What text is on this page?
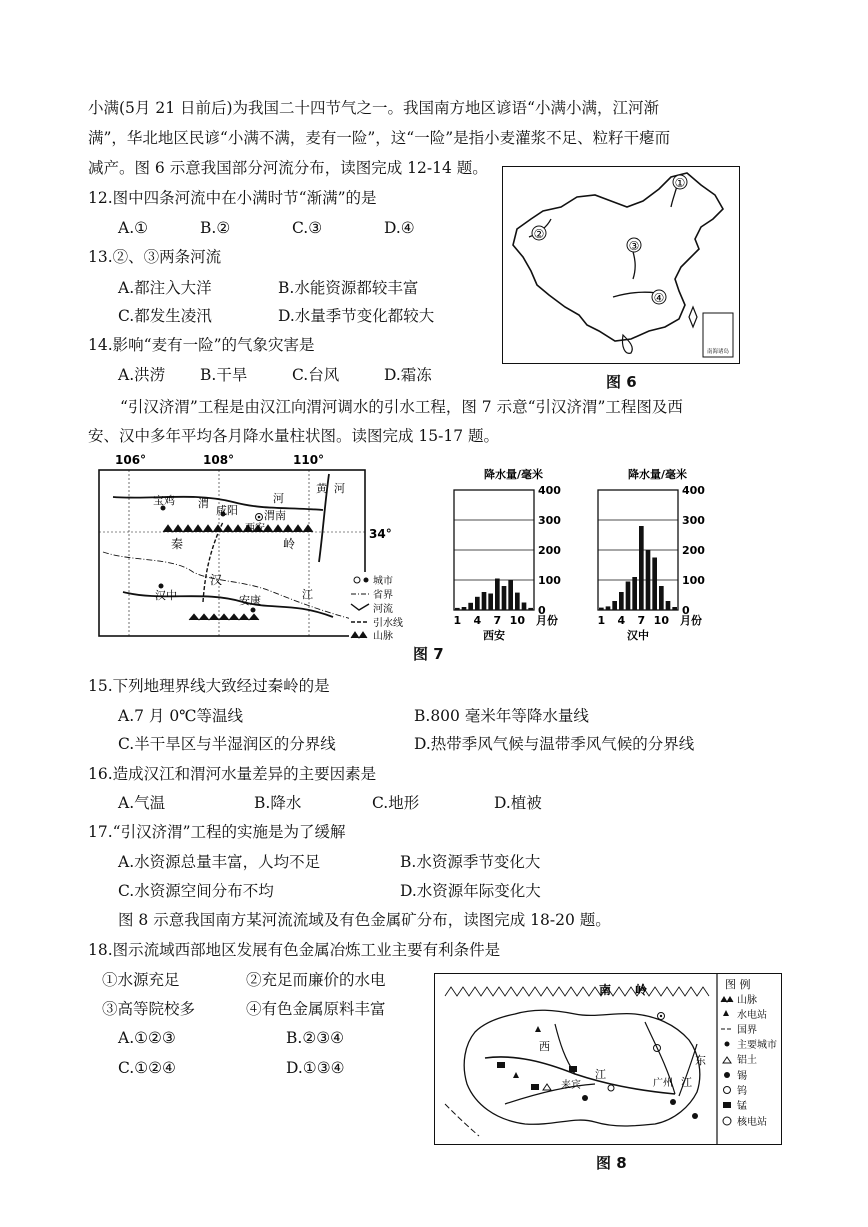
小满(5月 21 日前后)为我国二十四节气之一。我国南方地区谚语“小满小满，江河渐
满”，华北地区民谚“小满不满，麦有一险”，这“一险”是指小麦灌浆不足、粒籽干瘪而
减产。图 6 示意我国部分河流分布，读图完成 12-14 题。
12.图中四条河流中在小满时节“渐满”的是
A.①	B.②	C.③	D.④
13.②、③两条河流
A.都注入大洋	B.水能资源都较丰富
C.都发生凌汛	D.水量季节变化都较大
14.影响“麦有一险”的气象灾害是
A.洪涝 B.干旱	C.台风	D.霜冻
南海诸岛
①
②
③
④
图 6
“引汉济渭”工程是由汉江向渭河调水的引水工程，图 7 示意“引汉济渭”工程图及西
安、汉中多年平均各月降水量柱状图。读图完成 15-17 题。
106°	108°	110°
34°
宝鸡 渭
咸阳
西安
渭南
河
黄 河
秦	岭
汉
汉中	安康	江
城市
省界
河流
引水线
山脉
降水量/毫米
0
100
200
300
400
1 4 7 10 月份
西安
降水量/毫米
0
100
200
300
400
1 4 7 10 月份
汉中
图 7
15.下列地理界线大致经过秦岭的是
A.7 月 0℃等温线	B.800 毫米年等降水量线
C.半干旱区与半湿润区的分界线	D.热带季风气候与温带季风气候的分界线
16.造成汉江和渭河水量差异的主要因素是
A.气温	B.降水	C.地形	D.植被
17.“引汉济渭”工程的实施是为了缓解
A.水资源总量丰富，人均不足	B.水资源季节变化大
C.水资源空间分布不均	D.水资源年际变化大
图 8 示意我国南方某河流流域及有色金属矿分布，读图完成 18-20 题。
18.图示流域西部地区发展有色金属冶炼工业主要有利条件是
①水源充足	②充足而廉价的水电
③高等院校多	④有色金属原料丰富
A.①②③	B.②③④
C.①②④	D.①③④
南 岭
西
江
来宾	广州
东
江
图 例
山脉
水电站
国界
主要城市
铝土
锡
钨
锰
核电站
图 8
